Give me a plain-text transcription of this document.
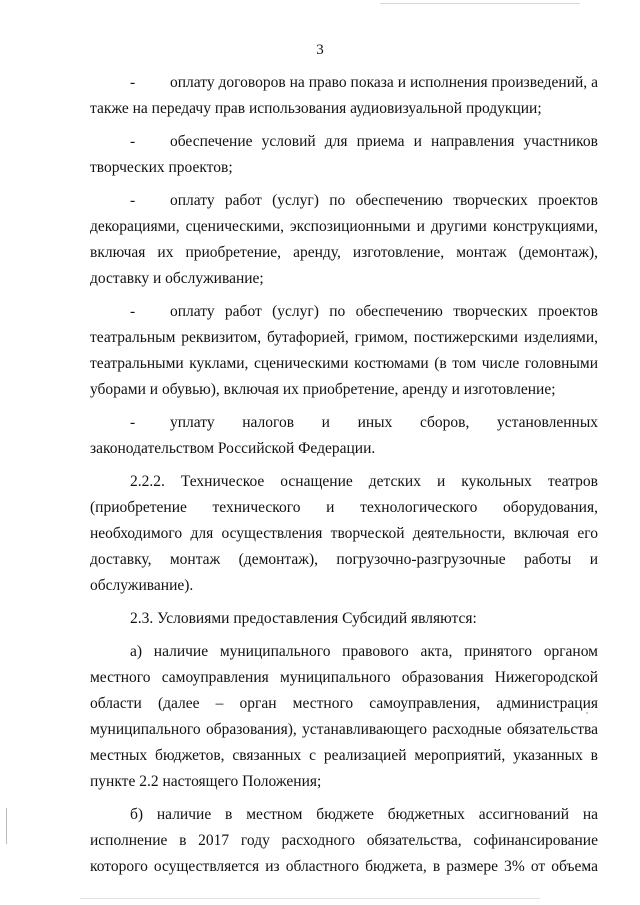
3
- оплату договоров на право показа и исполнения произведений, а также на передачу прав использования аудиовизуальной продукции;
- обеспечение условий для приема и направления участников творческих проектов;
- оплату работ (услуг) по обеспечению творческих проектов декорациями, сценическими, экспозиционными и другими конструкциями, включая их приобретение, аренду, изготовление, монтаж (демонтаж), доставку и обслуживание;
- оплату работ (услуг) по обеспечению творческих проектов театральным реквизитом, бутафорией, гримом, постижерскими изделиями, театральными куклами, сценическими костюмами (в том числе головными уборами и обувью), включая их приобретение, аренду и изготовление;
- уплату налогов и иных сборов, установленных законодательством Российской Федерации.
2.2.2. Техническое оснащение детских и кукольных театров (приобретение технического и технологического оборудования, необходимого для осуществления творческой деятельности, включая его доставку, монтаж (демонтаж), погрузочно-разгрузочные работы и обслуживание).
2.3. Условиями предоставления Субсидий являются:
а) наличие муниципального правового акта, принятого органом местного самоуправления муниципального образования Нижегородской области (далее – орган местного самоуправления, администрация муниципального образования), устанавливающего расходные обязательства местных бюджетов, связанных с реализацией мероприятий, указанных в пункте 2.2 настоящего Положения;
б) наличие в местном бюджете бюджетных ассигнований на исполнение в 2017 году расходного обязательства, софинансирование которого осуществляется из областного бюджета, в размере 3% от объема
